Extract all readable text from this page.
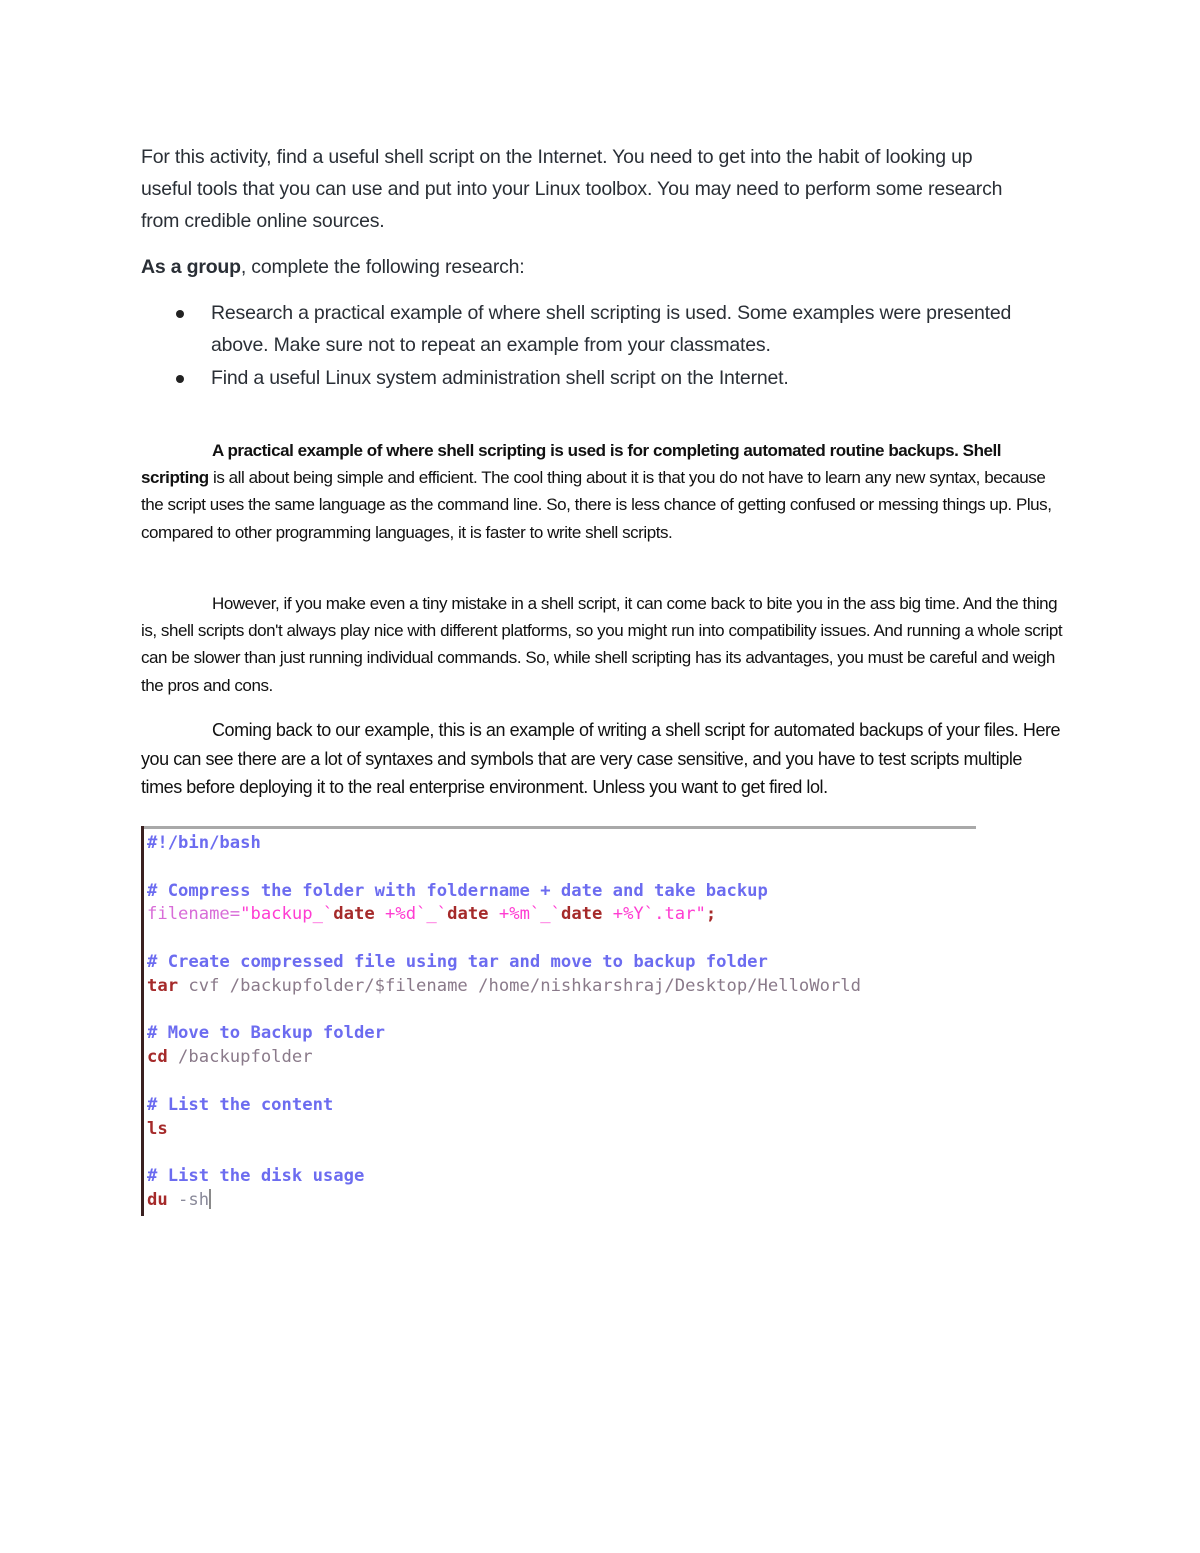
For this activity, find a useful shell script on the Internet. You need to get into the habit of looking up useful tools that you can use and put into your Linux toolbox. You may need to perform some research from credible online sources.

As a group, complete the following research:

Research a practical example of where shell scripting is used. Some examples were presented above. Make sure not to repeat an example from your classmates.
Find a useful Linux system administration shell script on the Internet.

A practical example of where shell scripting is used is for completing automated routine backups. Shell scripting is all about being simple and efficient. The cool thing about it is that you do not have to learn any new syntax, because the script uses the same language as the command line. So, there is less chance of getting confused or messing things up. Plus, compared to other programming languages, it is faster to write shell scripts.

However, if you make even a tiny mistake in a shell script, it can come back to bite you in the ass big time. And the thing is, shell scripts don't always play nice with different platforms, so you might run into compatibility issues. And running a whole script can be slower than just running individual commands. So, while shell scripting has its advantages, you must be careful and weigh the pros and cons.

Coming back to our example, this is an example of writing a shell script for automated backups of your files. Here you can see there are a lot of syntaxes and symbols that are very case sensitive, and you have to test scripts multiple times before deploying it to the real enterprise environment. Unless you want to get fired lol.

#!/bin/bash

# Compress the folder with foldername + date and take backup
filename="backup_`date +%d`_`date +%m`_`date +%Y`.tar";

# Create compressed file using tar and move to backup folder
tar cvf /backupfolder/$filename /home/nishkarshraj/Desktop/HelloWorld

# Move to Backup folder
cd /backupfolder

# List the content
ls

# List the disk usage
du -sh
